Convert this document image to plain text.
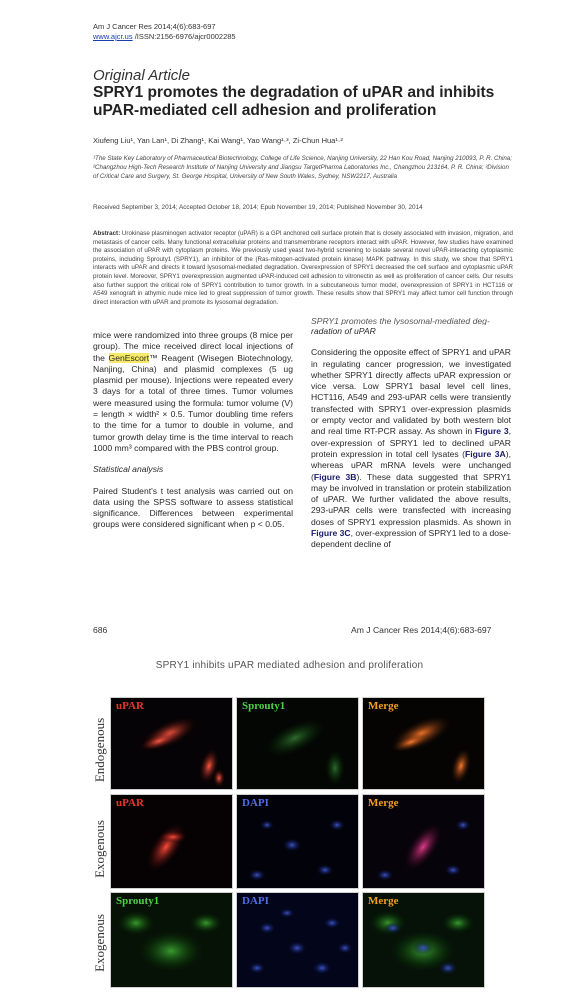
Am J Cancer Res 2014;4(6):683-697
www.ajcr.us /ISSN:2156-6976/ajcr0002285
Original Article
SPRY1 promotes the degradation of uPAR and inhibits uPAR-mediated cell adhesion and proliferation
Xiufeng Liu¹, Yan Lan¹, Di Zhang¹, Kai Wang¹, Yao Wang¹·³, Zi-Chun Hua¹·²
¹The State Key Laboratory of Pharmaceutical Biotechnology, College of Life Science, Nanjing University, 22 Han Kou Road, Nanjing 210093, P. R. China; ²Changzhou High-Tech Research Institute of Nanjing University and Jiangsu TargetPharma Laboratories Inc., Changzhou 213164, P. R. China; ³Division of Critical Care and Surgery, St. George Hospital, University of New South Wales, Sydney, NSW2217, Australia
Received September 3, 2014; Accepted October 18, 2014; Epub November 19, 2014; Published November 30, 2014
Abstract: Urokinase plasminogen activator receptor (uPAR) is a GPI anchored cell surface protein that is closely associated with invasion, migration, and metastasis of cancer cells. Many functional extracellular proteins and transmembrane receptors interact with uPAR. However, few studies have examined the association of uPAR with cytoplasm proteins. We previously used yeast two-hybrid screening to isolate several novel uPAR-interacting cytoplasmic proteins, including Sprouty1 (SPRY1), an inhibitor of the (Ras-mitogen-activated protein kinase) MAPK pathway. In this study, we show that SPRY1 interacts with uPAR and directs it toward lysosomal-mediated degradation. Overexpression of SPRY1 decreased the cell surface and cytoplasmic uPAR protein level. Moreover, SPRY1 overexpression augmented uPAR-induced cell adhesion to vitronectin as well as proliferation of cancer cells. Our results also further support the critical role of SPRY1 contribution to tumor growth. In a subcutaneous tumor model, overexpression of SPRY1 in HCT116 or A549 xenograft in athymic nude mice led to great suppression of tumor growth. These results show that SPRY1 may affect tumor cell function through direct interaction with uPAR and promote its lysosomal degradation.

mice were randomized into three groups (8 mice per group). The mice received direct local injections of the GenEscort™ Reagent (Wisegen Biotechnology, Nanjing, China) and plasmid complexes (5 ug plasmid per mouse). Injections were repeated every 3 days for a total of three times. Tumor volumes were measured using the formula: tumor volume (V) = length × width² × 0.5. Tumor doubling time refers to the time for a tumor to double in volume, and tumor growth delay time is the time interval to reach 1000 mm³ compared with the PBS control group.

Statistical analysis

Paired Student's t test analysis was carried out on data using the SPSS software to assess statistical significance. Differences between experimental groups were considered significant when p < 0.05.

SPRY1 promotes the lysosomal-mediated deg-
radation of uPAR

Considering the opposite effect of SPRY1 and uPAR in regulating cancer progression, we investigated whether SPRY1 directly affects uPAR expression or vice versa. Low SPRY1 basal level cell lines, HCT116, A549 and 293-uPAR cells were transiently transfected with SPRY1 over-expression plasmids or empty vector and validated by both western blot and real time RT-PCR assay. As shown in Figure 3, over-expression of SPRY1 led to declined uPAR protein expression in total cell lysates (Figure 3A), whereas uPAR mRNA levels were unchanged (Figure 3B). These data suggested that SPRY1 may be involved in translation or protein stabilization of uPAR. We further validated the above results, 293-uPAR cells were transfected with increasing doses of SPRY1 expression plasmids. As shown in Figure 3C, over-expression of SPRY1 led to a dose-dependent decline of

686	Am J Cancer Res 2014;4(6):683-697
SPRY1 inhibits uPAR mediated adhesion and proliferation
Endogenous
Exogenous
Exogenous
uPAR	Sprouty1	Merge
uPAR	DAPI	Merge
Sprouty1	DAPI	Merge
